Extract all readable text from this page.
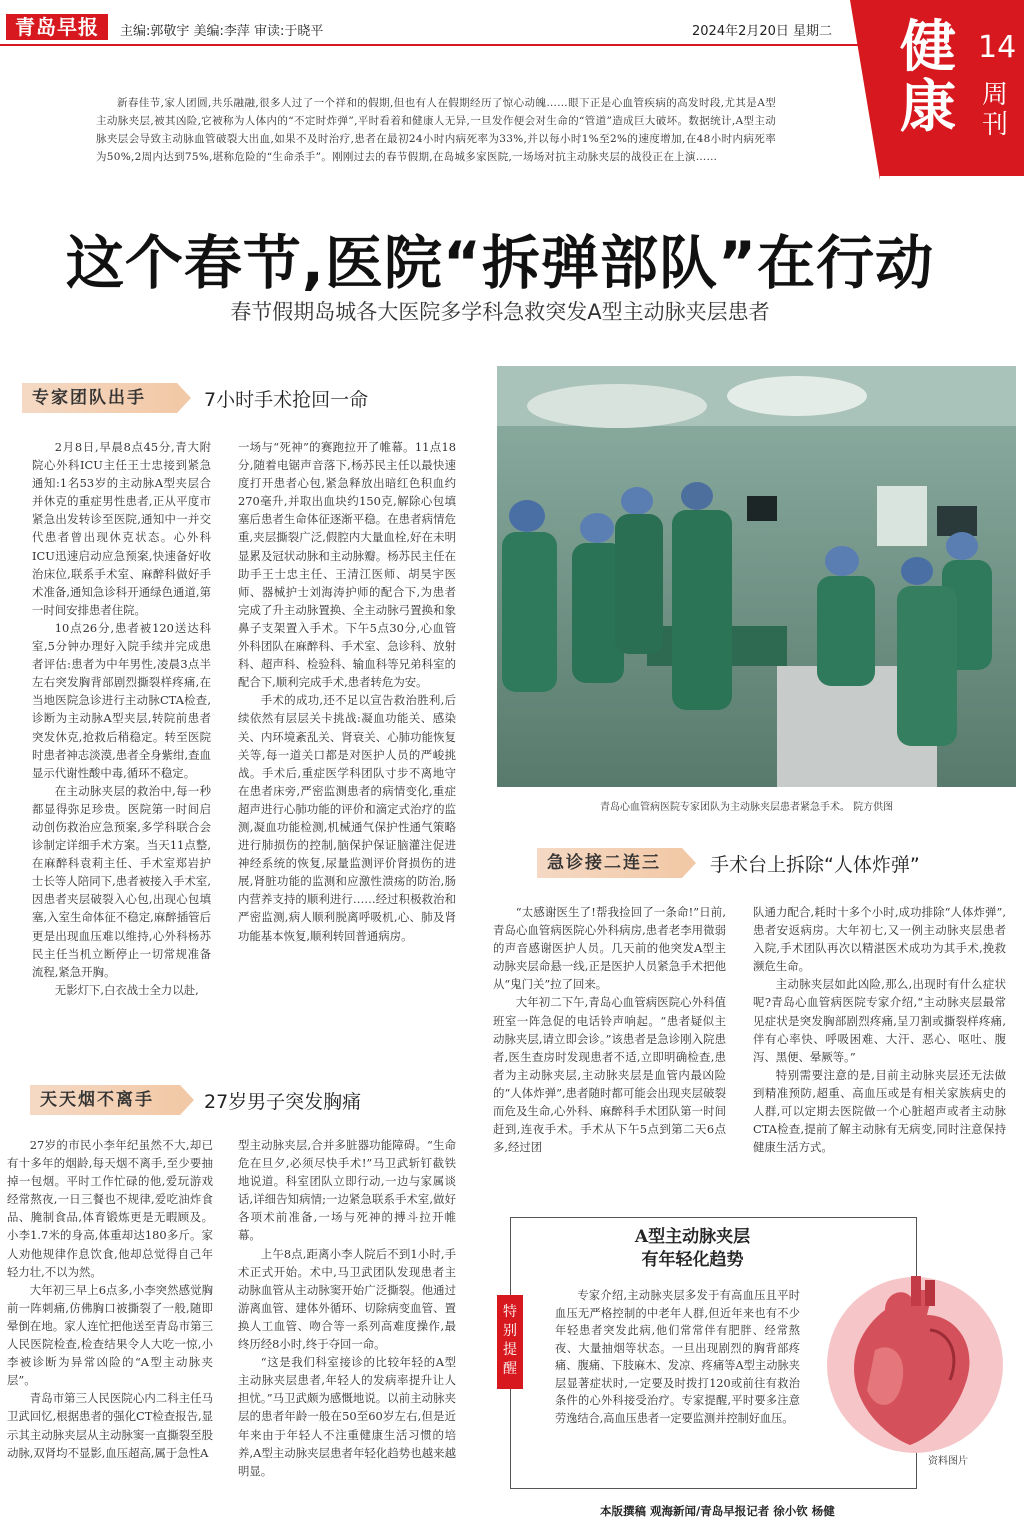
青岛早报	主编:郭敬宇 美编:李萍 审读:于晓平	2024年2月20日 星期二 健康
14
周刊
新春佳节,家人团圆,共乐融融,很多人过了一个祥和的假期,但也有人在假期经历了惊心动魄……眼下正是心血管疾病的高发时段,尤其是A型主动脉夹层,被其凶险,它被称为人体内的“不定时炸弹”,平时看着和健康人无异,一旦发作便会对生命的“管道”造成巨大破坏。数据统计,A型主动脉夹层会导致主动脉血管破裂大出血,如果不及时治疗,患者在最初24小时内病死率为33%,并以每小时1%至2%的速度增加,在48小时内病死率为50%,2周内达到75%,堪称危险的“生命杀手”。刚刚过去的春节假期,在岛城多家医院,一场场对抗主动脉夹层的战役正在上演……
这个春节,医院“拆弹部队”在行动
春节假期岛城各大医院多学科急救突发A型主动脉夹层患者
专家团队出手	7小时手术抢回一命

2月8日,早晨8点45分,青大附院心外科ICU主任王士忠接到紧急通知:1名53岁的主动脉A型夹层合并休克的重症男性患者,正从平度市紧急出发转诊至医院,通知中一并交代患者曾出现休克状态。心外科ICU迅速启动应急预案,快速备好收治床位,联系手术室、麻醉科做好手术准备,通知急诊科开通绿色通道,第一时间安排患者住院。

10点26分,患者被120送达科室,5分钟办理好入院手续并完成患者评估:患者为中年男性,凌晨3点半左右突发胸背部剧烈撕裂样疼痛,在当地医院急诊进行主动脉CTA检查,诊断为主动脉A型夹层,转院前患者突发休克,抢救后稍稳定。转至医院时患者神志淡漠,患者全身紫绀,查血显示代谢性酸中毒,循环不稳定。

在主动脉夹层的救治中,每一秒都显得弥足珍贵。医院第一时间启动创伤救治应急预案,多学科联合会诊制定详细手术方案。当天11点整,在麻醉科袁莉主任、手术室郑岩护士长等人陪同下,患者被接入手术室,因患者夹层破裂入心包,出现心包填塞,入室生命体征不稳定,麻醉插管后更是出现血压难以维持,心外科杨苏民主任当机立断停止一切常规准备流程,紧急开胸。

无影灯下,白衣战士全力以赴,

一场与“死神”的赛跑拉开了帷幕。11点18分,随着电锯声音落下,杨苏民主任以最快速度打开患者心包,紧急释放出暗红色积血约270毫升,并取出血块约150克,解除心包填塞后患者生命体征逐渐平稳。在患者病情危重,夹层撕裂广泛,假腔内大量血栓,好在未明显累及冠状动脉和主动脉瓣。杨苏民主任在助手王士忠主任、王清江医师、胡昊宇医师、器械护士刘海涛护师的配合下,为患者完成了升主动脉置换、全主动脉弓置换和象鼻子支架置入手术。下午5点30分,心血管外科团队在麻醉科、手术室、急诊科、放射科、超声科、检验科、输血科等兄弟科室的配合下,顺利完成手术,患者转危为安。

手术的成功,还不足以宣告救治胜利,后续依然有层层关卡挑战:凝血功能关、感染关、内环境紊乱关、肾衰关、心肺功能恢复关等,每一道关口都是对医护人员的严峻挑战。手术后,重症医学科团队寸步不离地守在患者床旁,严密监测患者的病情变化,重症超声进行心肺功能的评价和滴定式治疗的监测,凝血功能检测,机械通气保护性通气策略进行肺损伤的控制,脑保护保证脑灌注促进神经系统的恢复,尿量监测评价肾损伤的进展,肾脏功能的监测和应激性溃疡的防治,肠内营养支持的顺利进行……经过积极救治和严密监测,病人顺利脱离呼吸机,心、肺及肾功能基本恢复,顺利转回普通病房。

青岛心血管病医院专家团队为主动脉夹层患者紧急手术。 院方供图
急诊接二连三	手术台上拆除“人体炸弹”

“太感谢医生了!帮我捡回了一条命!”日前,青岛心血管病医院心外科病房,患者老李用微弱的声音感谢医护人员。几天前的他突发A型主动脉夹层命悬一线,正是医护人员紧急手术把他从“鬼门关”拉了回来。

大年初二下午,青岛心血管病医院心外科值班室一阵急促的电话铃声响起。“患者疑似主动脉夹层,请立即会诊。”该患者是急诊刚入院患者,医生查房时发现患者不适,立即明确检查,患者为主动脉夹层,主动脉夹层是血管内最凶险的“人体炸弹”,患者随时都可能会出现夹层破裂而危及生命,心外科、麻醉科手术团队第一时间赶到,连夜手术。手术从下午5点到第二天6点多,经过团

队通力配合,耗时十多个小时,成功排除“人体炸弹”,患者安返病房。大年初七,又一例主动脉夹层患者入院,手术团队再次以精湛医术成功为其手术,挽救濒危生命。

主动脉夹层如此凶险,那么,出现时有什么症状呢?青岛心血管病医院专家介绍,“主动脉夹层最常见症状是突发胸部剧烈疼痛,呈刀割或撕裂样疼痛,伴有心率快、呼吸困难、大汗、恶心、呕吐、腹泻、黑便、晕厥等。”

特别需要注意的是,目前主动脉夹层还无法做到精准预防,超重、高血压或是有相关家族病史的人群,可以定期去医院做一个心脏超声或者主动脉CTA检查,提前了解主动脉有无病变,同时注意保持健康生活方式。

天天烟不离手	27岁男子突发胸痛

27岁的市民小李年纪虽然不大,却已有十多年的烟龄,每天烟不离手,至少要抽掉一包烟。平时工作忙碌的他,爱玩游戏经常熬夜,一日三餐也不规律,爱吃油炸食品、腌制食品,体育锻炼更是无暇顾及。小李1.7米的身高,体重却达180多斤。家人劝他规律作息饮食,他却总觉得自己年轻力壮,不以为然。

大年初三早上6点多,小李突然感觉胸前一阵刺痛,仿佛胸口被撕裂了一般,随即晕倒在地。家人连忙把他送至青岛市第三人民医院检查,检查结果令人大吃一惊,小李被诊断为异常凶险的“A型主动脉夹层”。

青岛市第三人民医院心内二科主任马卫武回忆,根据患者的强化CT检查报告,显示其主动脉夹层从主动脉窦一直撕裂至股动脉,双肾均不显影,血压超高,属于急性A

型主动脉夹层,合并多脏器功能障碍。“生命危在旦夕,必须尽快手术!”马卫武斩钉截铁地说道。科室团队立即行动,一边与家属谈话,详细告知病情;一边紧急联系手术室,做好各项术前准备,一场与死神的搏斗拉开帷幕。

上午8点,距离小李人院后不到1小时,手术正式开始。术中,马卫武团队发现患者主动脉血管从主动脉窦开始广泛撕裂。他通过游离血管、建体外循环、切除病变血管、置换人工血管、吻合等一系列高难度操作,最终历经8小时,终于夺回一命。

“这是我们科室接诊的比较年轻的A型主动脉夹层患者,年轻人的发病率提升让人担忧。”马卫武颇为感慨地说。以前主动脉夹层的患者年龄一般在50至60岁左右,但是近年来由于年轻人不注重健康生活习惯的培养,A型主动脉夹层患者年轻化趋势也越来越明显。

特别提醒
A型主动脉夹层
有年轻化趋势
专家介绍,主动脉夹层多发于有高血压且平时血压无严格控制的中老年人群,但近年来也有不少年轻患者突发此病,他们常常伴有肥胖、经常熬夜、大量抽烟等状态。一旦出现剧烈的胸背部疼痛、腹痛、下肢麻木、发凉、疼痛等A型主动脉夹层显著症状时,一定要及时拨打120或前往有救治条件的心外科接受治疗。专家提醒,平时要多注意劳逸结合,高血压患者一定要监测并控制好血压。
资料图片
本版撰稿 观海新闻/青岛早报记者 徐小钦 杨健
